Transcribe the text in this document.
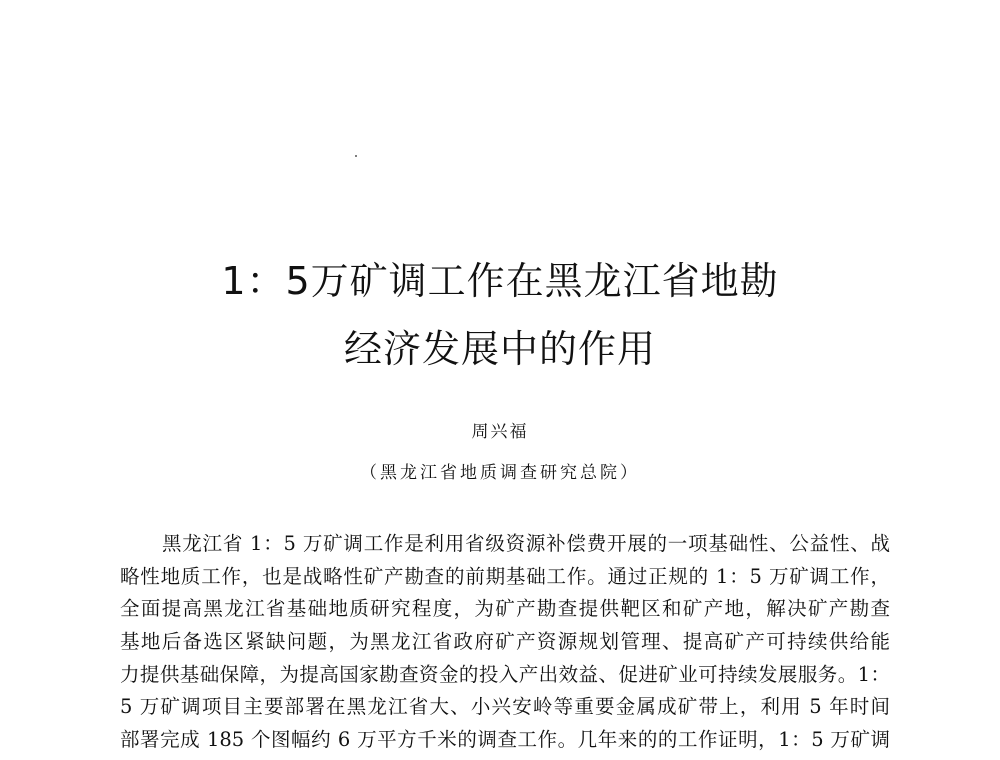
1：5万矿调工作在黑龙江省地勘
经济发展中的作用
周兴福
（黑龙江省地质调查研究总院）
黑龙江省 1：5 万矿调工作是利用省级资源补偿费开展的一项基础性、公益性、战
略性地质工作，也是战略性矿产勘查的前期基础工作。通过正规的 1：5 万矿调工作，
全面提高黑龙江省基础地质研究程度，为矿产勘查提供靶区和矿产地，解决矿产勘查
基地后备选区紧缺问题，为黑龙江省政府矿产资源规划管理、提高矿产可持续供给能
力提供基础保障，为提高国家勘查资金的投入产出效益、促进矿业可持续发展服务。1：
5 万矿调项目主要部署在黑龙江省大、小兴安岭等重要金属成矿带上，利用 5 年时间
部署完成 185 个图幅约 6 万平方千米的调查工作。几年来的的工作证明，1：5 万矿调
